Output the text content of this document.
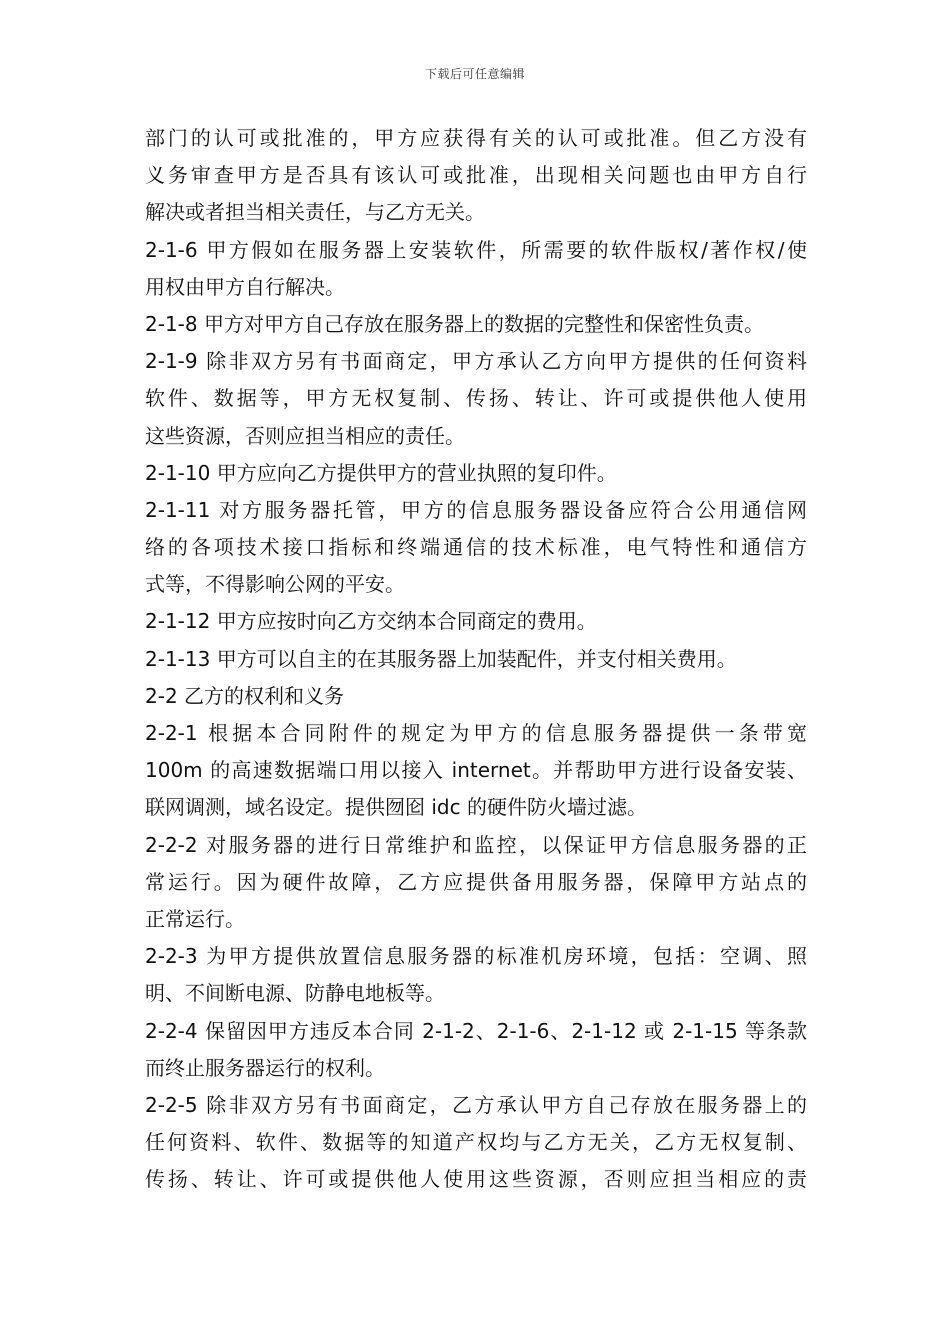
下载后可任意编辑
部门的认可或批准的，甲方应获得有关的认可或批准。但乙方没有
义务审查甲方是否具有该认可或批准，出现相关问题也由甲方自行
解决或者担当相关责任，与乙方无关。
2-1-6 甲方假如在服务器上安装软件，所需要的软件版权/著作权/使
用权由甲方自行解决。
2-1-8 甲方对甲方自己存放在服务器上的数据的完整性和保密性负责。
2-1-9 除非双方另有书面商定，甲方承认乙方向甲方提供的任何资料
软件、数据等，甲方无权复制、传扬、转让、许可或提供他人使用
这些资源，否则应担当相应的责任。
2-1-10 甲方应向乙方提供甲方的营业执照的复印件。
2-1-11 对方服务器托管，甲方的信息服务器设备应符合公用通信网
络的各项技术接口指标和终端通信的技术标准，电气特性和通信方
式等，不得影响公网的平安。
2-1-12 甲方应按时向乙方交纳本合同商定的费用。
2-1-13 甲方可以自主的在其服务器上加装配件，并支付相关费用。
2-2 乙方的权利和义务
2-2-1 根据本合同附件的规定为甲方的信息服务器提供一条带宽
100m 的高速数据端口用以接入 internet。并帮助甲方进行设备安装、
联网调测，域名设定。提供囫囵 idc 的硬件防火墙过滤。
2-2-2 对服务器的进行日常维护和监控，以保证甲方信息服务器的正
常运行。因为硬件故障，乙方应提供备用服务器，保障甲方站点的
正常运行。
2-2-3 为甲方提供放置信息服务器的标准机房环境，包括：空调、照
明、不间断电源、防静电地板等。
2-2-4 保留因甲方违反本合同 2-1-2、2-1-6、2-1-12 或 2-1-15 等条款
而终止服务器运行的权利。
2-2-5 除非双方另有书面商定，乙方承认甲方自己存放在服务器上的
任何资料、软件、数据等的知道产权均与乙方无关，乙方无权复制、
传扬、转让、许可或提供他人使用这些资源，否则应担当相应的责
